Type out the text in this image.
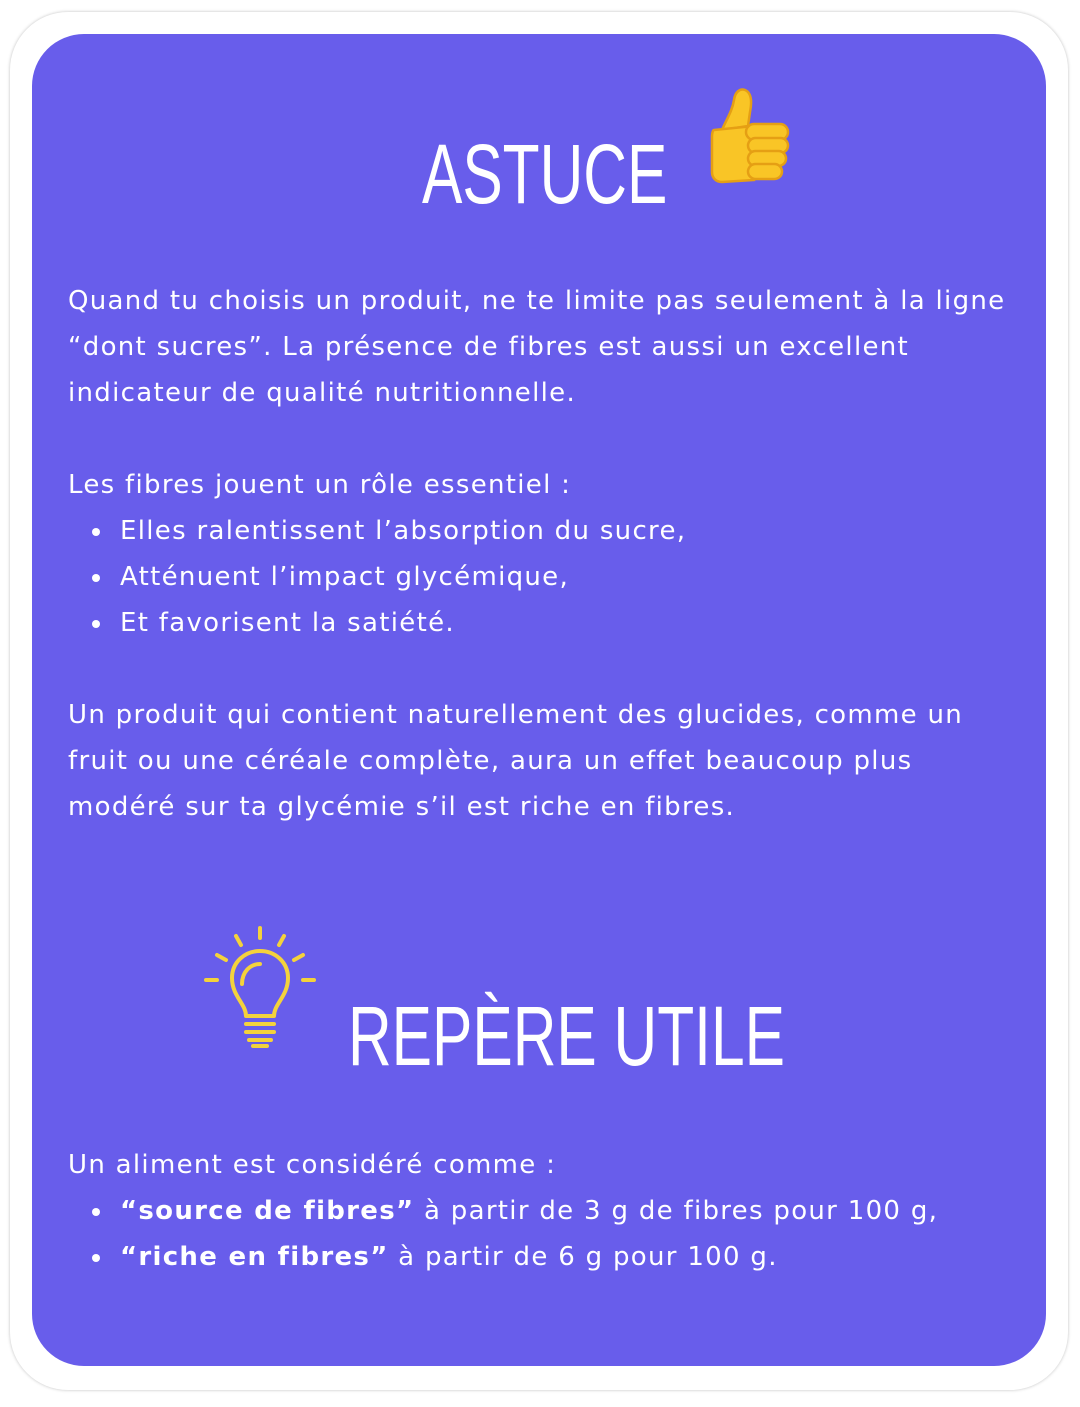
ASTUCE

Quand tu choisis un produit, ne te limite pas seulement à la ligne “dont sucres”. La présence de fibres est aussi un excellent indicateur de qualité nutritionnelle.

Les fibres jouent un rôle essentiel :
Elles ralentissent l’absorption du sucre,
Atténuent l’impact glycémique,
Et favorisent la satiété.

Un produit qui contient naturellement des glucides, comme un fruit ou une céréale complète, aura un effet beaucoup plus modéré sur ta glycémie s’il est riche en fibres.

REPÈRE UTILE
Un aliment est considéré comme :
“source de fibres” à partir de 3 g de fibres pour 100 g,
“riche en fibres” à partir de 6 g pour 100 g.
